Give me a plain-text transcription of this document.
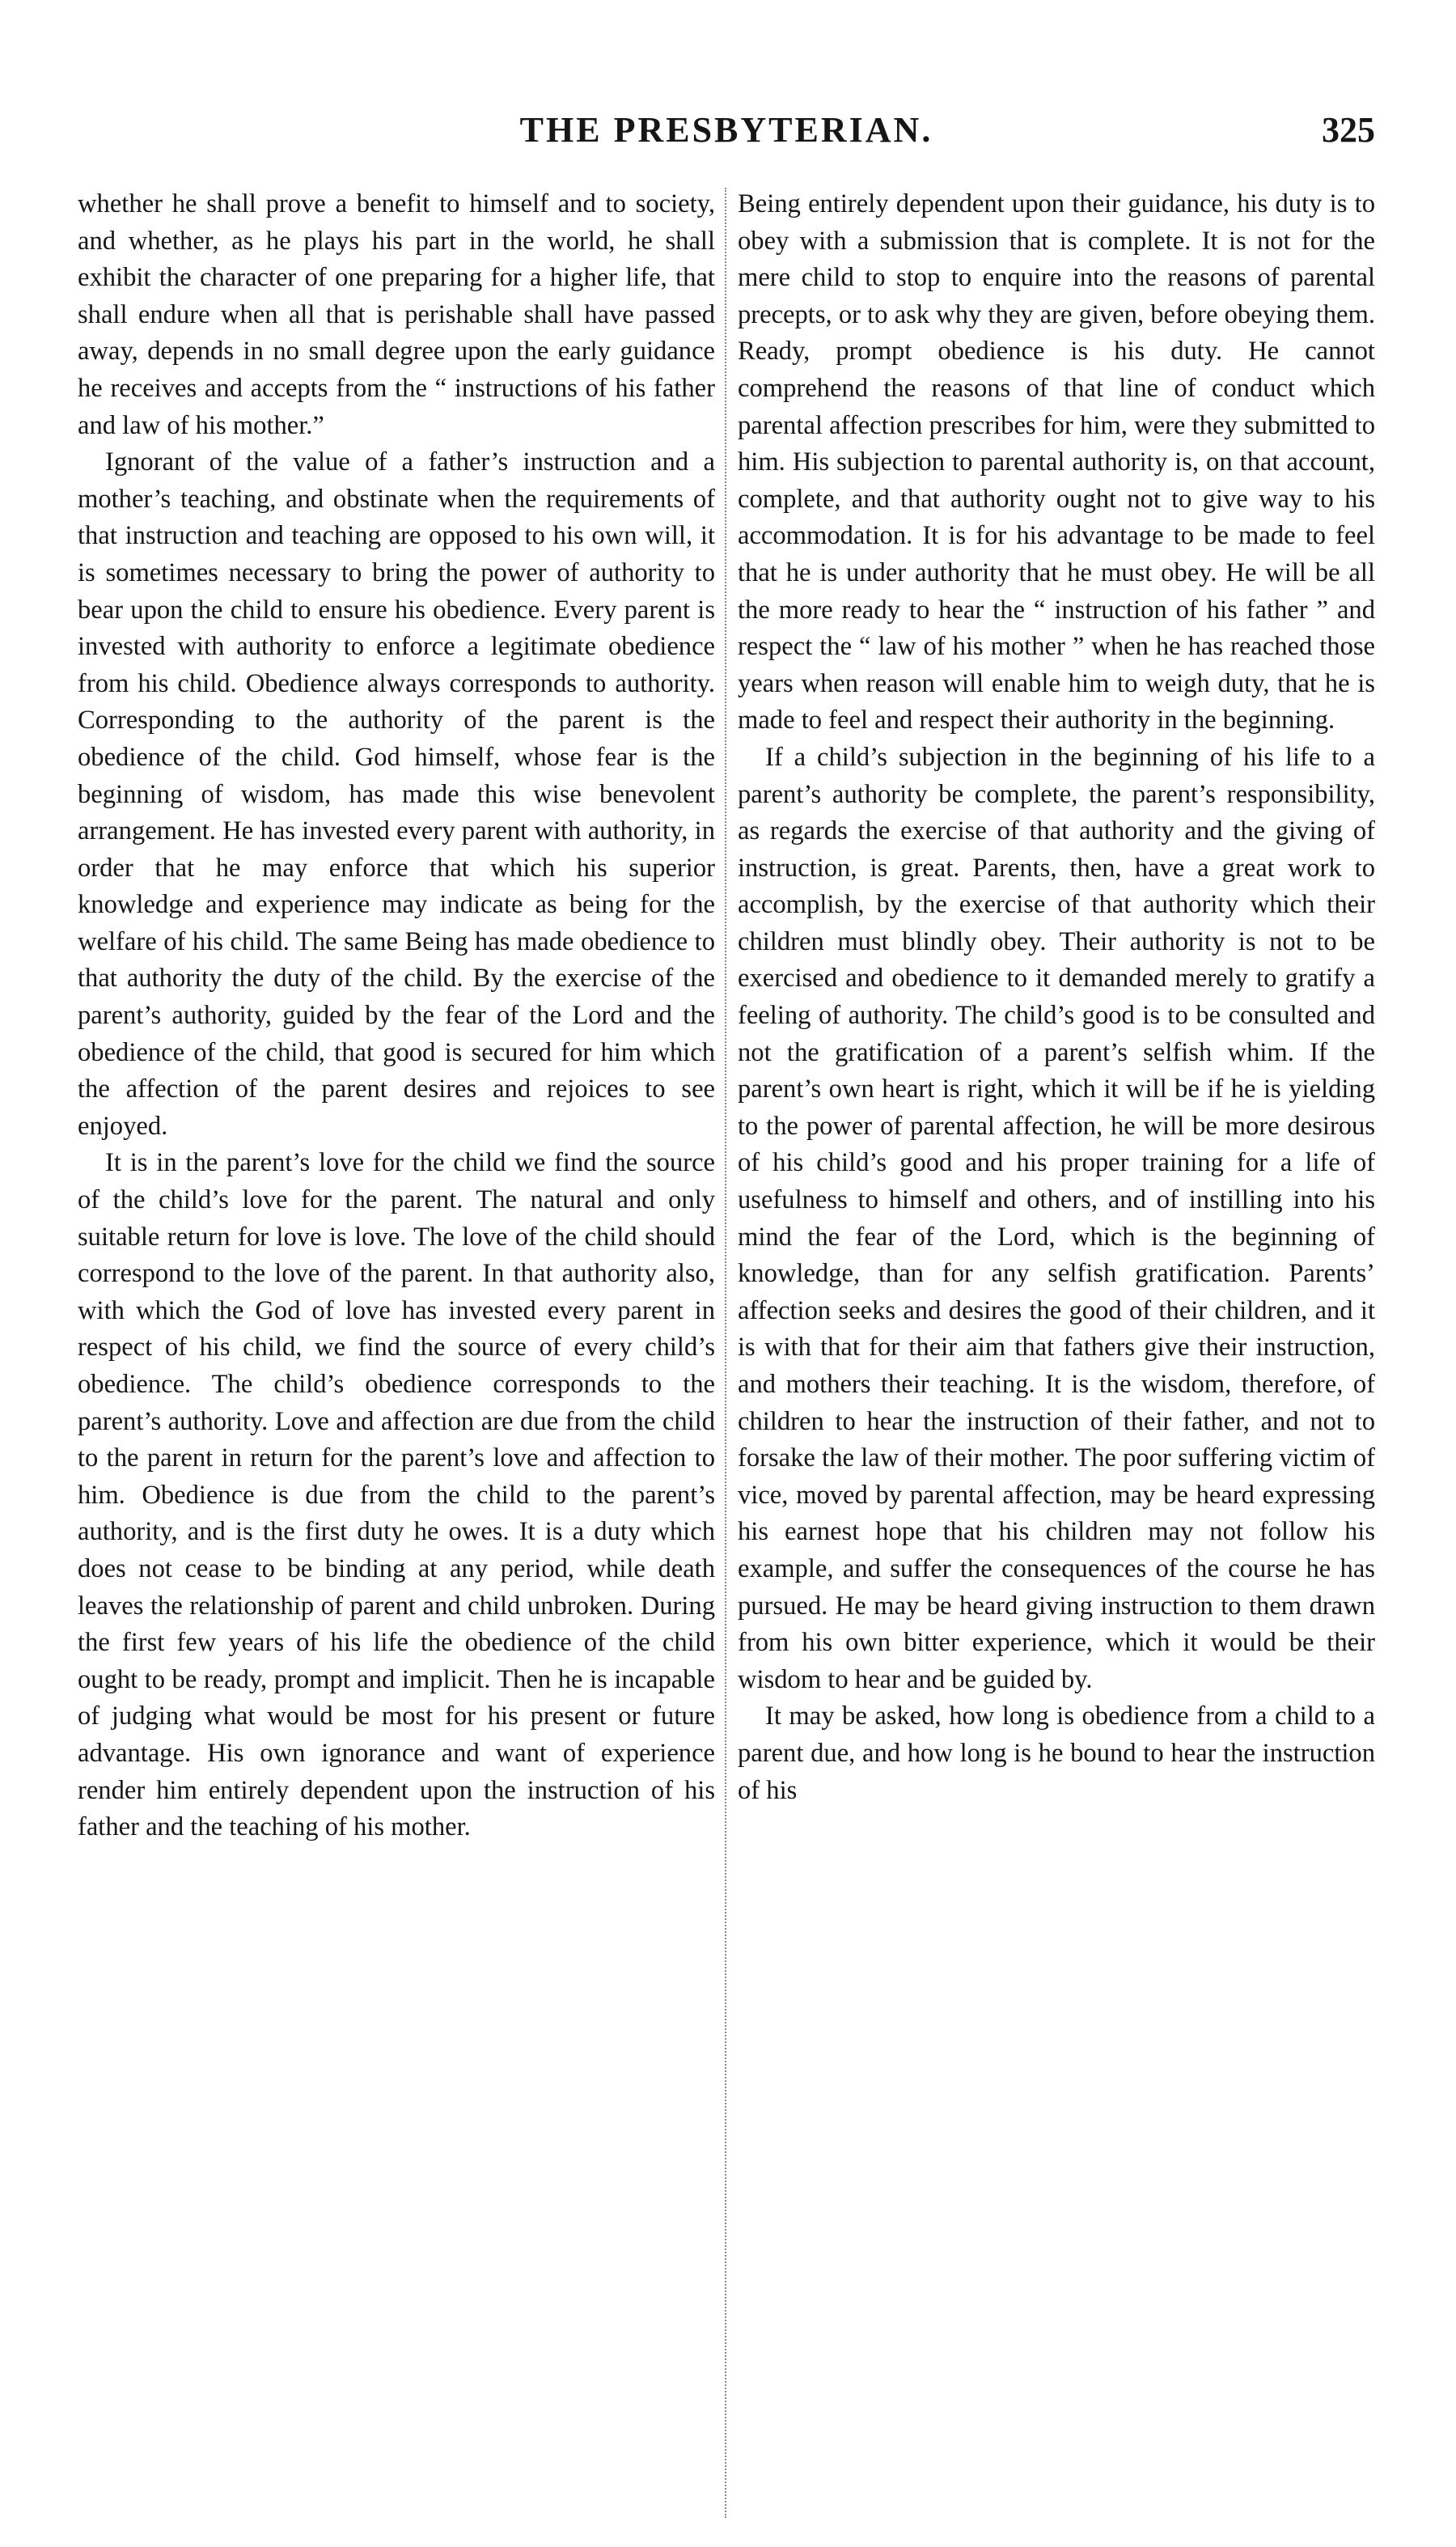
THE PRESBYTERIAN.	325

whether he shall prove a benefit to himself and to society, and whether, as he plays his part in the world, he shall exhibit the character of one preparing for a higher life, that shall endure when all that is perishable shall have passed away, depends in no small degree upon the early guidance he receives and accepts from the “ instructions of his father and law of his mother.”

Ignorant of the value of a father’s instruction and a mother’s teaching, and obstinate when the requirements of that instruction and teaching are opposed to his own will, it is sometimes necessary to bring the power of authority to bear upon the child to ensure his obedience. Every parent is invested with authority to enforce a legitimate obedience from his child. Obedience always corresponds to authority. Corresponding to the authority of the parent is the obedience of the child. God himself, whose fear is the beginning of wisdom, has made this wise benevolent arrangement. He has invested every parent with authority, in order that he may enforce that which his superior knowledge and experience may indicate as being for the welfare of his child. The same Being has made obedience to that authority the duty of the child. By the exercise of the parent’s authority, guided by the fear of the Lord and the obedience of the child, that good is secured for him which the affection of the parent desires and rejoices to see enjoyed.

It is in the parent’s love for the child we find the source of the child’s love for the parent. The natural and only suitable return for love is love. The love of the child should correspond to the love of the parent. In that authority also, with which the God of love has invested every parent in respect of his child, we find the source of every child’s obedience. The child’s obedience corresponds to the parent’s authority. Love and affection are due from the child to the parent in return for the parent’s love and affection to him. Obedience is due from the child to the parent’s authority, and is the first duty he owes. It is a duty which does not cease to be binding at any period, while death leaves the relationship of parent and child unbroken. During the first few years of his life the obedience of the child ought to be ready, prompt and implicit. Then he is incapable of judging what would be most for his present or future advantage. His own ignorance and want of experience render him entirely dependent upon the instruction of his father and the teaching of his mother.

Being entirely dependent upon their guidance, his duty is to obey with a submission that is complete. It is not for the mere child to stop to enquire into the reasons of parental precepts, or to ask why they are given, before obeying them. Ready, prompt obedience is his duty. He cannot comprehend the reasons of that line of conduct which parental affection prescribes for him, were they submitted to him. His subjection to parental authority is, on that account, complete, and that authority ought not to give way to his accommodation. It is for his advantage to be made to feel that he is under authority that he must obey. He will be all the more ready to hear the “ instruction of his father ” and respect the “ law of his mother ” when he has reached those years when reason will enable him to weigh duty, that he is made to feel and respect their authority in the beginning.

If a child’s subjection in the beginning of his life to a parent’s authority be complete, the parent’s responsibility, as regards the exercise of that authority and the giving of instruction, is great. Parents, then, have a great work to accomplish, by the exercise of that authority which their children must blindly obey. Their authority is not to be exercised and obedience to it demanded merely to gratify a feeling of authority. The child’s good is to be consulted and not the gratification of a parent’s selfish whim. If the parent’s own heart is right, which it will be if he is yielding to the power of parental affection, he will be more desirous of his child’s good and his proper training for a life of usefulness to himself and others, and of instilling into his mind the fear of the Lord, which is the beginning of knowledge, than for any selfish gratification. Parents’ affection seeks and desires the good of their children, and it is with that for their aim that fathers give their instruction, and mothers their teaching. It is the wisdom, therefore, of children to hear the instruction of their father, and not to forsake the law of their mother. The poor suffering victim of vice, moved by parental affection, may be heard expressing his earnest hope that his children may not follow his example, and suffer the consequences of the course he has pursued. He may be heard giving instruction to them drawn from his own bitter experience, which it would be their wisdom to hear and be guided by.

It may be asked, how long is obedience from a child to a parent due, and how long is he bound to hear the instruction of his
